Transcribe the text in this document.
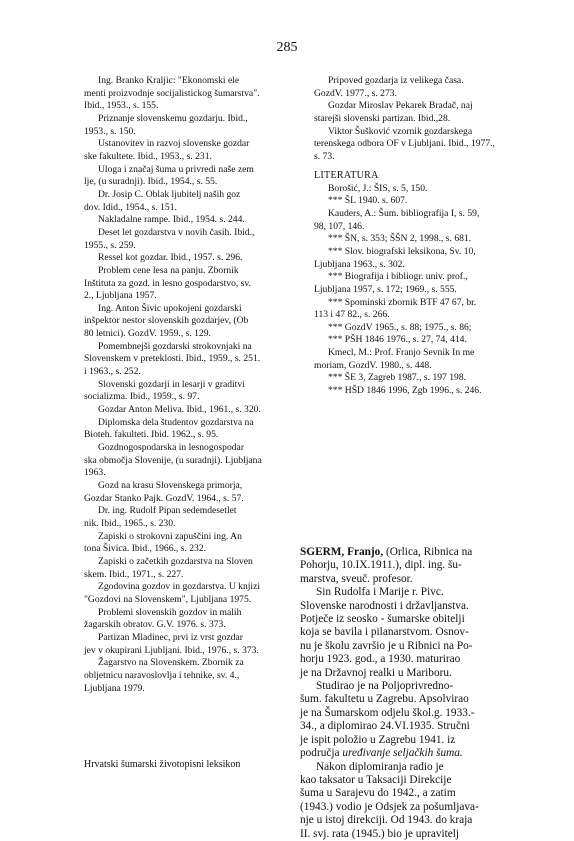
285

Ing. Branko Kraljic: "Ekonomski ele
menti proizvodnje socijalistickog šumarstva".
Ibid., 1953., s. 155.

Priznanje slovenskemu gozdarju. Ibid.,
1953., s. 150.

Ustanovitev in razvoj slovenske gozdar
ske fakultete. Ibid., 1953., s. 231.

Uloga i značaj šuma u privredi naše zem
lje, (u suradnji). Ibid., 1954., s. 55.

Dr. Josip C. Oblak ljubitelj naših goz
dov. Idid., 1954., s. 151.

Nakladalne rampe. Ibid., 1954. s. 244.

Deset let gozdarstva v novih časih. Ibid.,
1955., s. 259.

Ressel kot gozdar. Ibid., 1957. s. 296.

Problem cene lesa na panju. Zbornik
Inštituta za gozd. in lesno gospodarstvo, sv.
2., Ljubljana 1957.

Ing. Anton Šivic upokojeni gozdarski
inšpektor nestor slovenskih gozdarjev, (Ob
80 letnici). GozdV. 1959., s. 129.

Pomembnejši gozdarski strokovnjaki na
Slovenskem v preteklosti. Ibid., 1959., s. 251.
i 1963., s. 252.

Slovenski gozdarji in lesarji v graditvi
socializma. Ibid., 1959., s. 97.

Gozdar Anton Meliva. Ibid., 1961., s. 320.

Diplomska dela študentov gozdarstva na
Bioteh. fakulteti. Ibid. 1962., s. 95.

Gozdnogospodarska in lesnogospodar
ska območja Slovenije, (u suradnji). Ljubljana
1963.

Gozd na krasu Slovenskega primorja,
Gozdar Stanko Pajk. GozdV. 1964., s. 57.

Dr. ing. Rudolf Pipan sedemdesetlet
nik. Ibid., 1965., s. 230.

Zapiski o strokovni zapuščini ing. An
tona Šivica. Ibid., 1966., s. 232.

Zapiski o začetkih gozdarstva na Sloven
skem. Ibid., 1971., s. 227.

Zgodovina gozdov in gozdarstva. U knjizi
"Gozdovi na Slovenskem", Ljubljana 1975.

Problemi slovenskih gozdov in malih
žagarskih obratov. G.V. 1976. s. 373.

Partizan Mladinec, prvi iz vrst gozdar
jev v okupirani Ljubljani. Ibid., 1976., s. 373.

Žagarstvo na Slovenskem. Zbornik za
obljetnicu naravoslovlja i tehnike, sv. 4.,
Ljubljana 1979.

Pripoved gozdarja iz velikega časa.
GozdV. 1977., s. 273.

Gozdar Miroslav Pekarek Bradač, naj
starejši slovenski partizan. Ibid.,28.

Viktor Šušković vzornik gozdarskega
terenskega odbora OF v Ljubljani. Ibid., 1977.,
s. 73.

LITERATURA

Borošić, J.: ŠIS, s. 5, 150.

*** ŠL 1940. s. 607.

Kauders, A.: Šum. bibliografija I, s. 59,
98, 107, 146.

*** ŠN, s. 353; ŠŠN 2, 1998., s. 681.

*** Slov. biografski leksikona, Sv. 10,
Ljubljana 1963., s. 302.

*** Biografija i bibliogr. univ. prof.,
Ljubljana 1957, s. 172; 1969., s. 555.

*** Spominski zbornik BTF 47 67, br.
113 i 47 82., s. 266.

*** GozdV 1965., s. 88; 1975., s. 86;

*** PŠH 1846 1976., s. 27, 74, 414.

Kmecl, M.: Prof. Franjo Sevnik In me
moriam, GozdV. 1980., s. 448.

*** ŠE 3, Zagreb 1987., s. 197 198.

*** HŠD 1846 1996, Zgb 1996., s. 246.

SGERM, Franjo, (Orlica, Ribnica na
Pohorju, 10.IX.1911.), dipl. ing. šu-
marstva, sveuč. profesor.

Sin Rudolfa i Marije r. Pivc.
Slovenske narodnosti i državljanstva.
Potječe iz seosko - šumarske obitelji
koja se bavila i pilanarstvom. Osnov-
nu je školu završio je u Ribnici na Po-
horju 1923. god., a 1930. maturirao
je na Državnoj realki u Mariboru.

Studirao je na Poljoprivredno-
šum. fakultetu u Zagrebu. Apsolvirao
je na Šumarskom odjelu škol.g. 1933.-
34., a diplomirao 24.VI.1935. Stručni
je ispit položio u Zagrebu 1941. iz
područja uređivanje seljačkih šuma.

Nakon diplomiranja radio je
kao taksator u Taksaciji Direkcije
šuma u Sarajevu do 1942., a zatim
(1943.) vodio je Odsjek za pošumljava-
nje u istoj direkciji. Od 1943. do kraja
II. svj. rata (1945.) bio je upravitelj

Hrvatski šumarski životopisni leksikon
